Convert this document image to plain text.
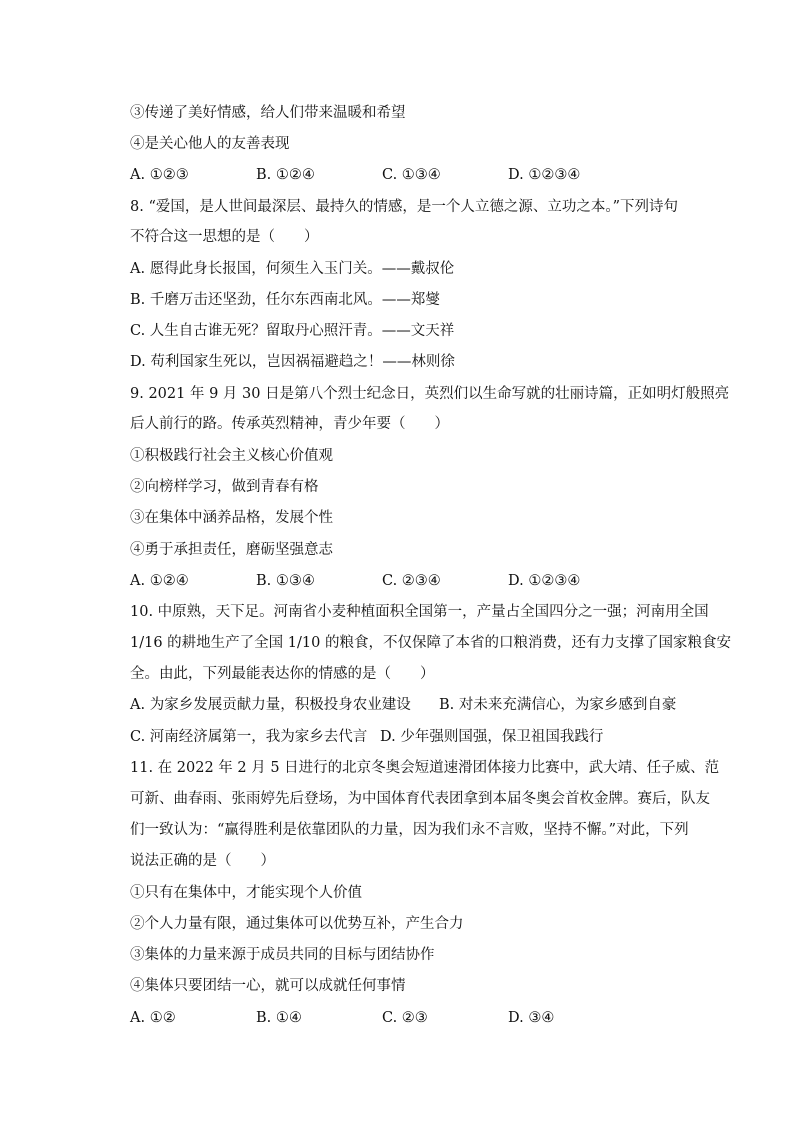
③传递了美好情感，给人们带来温暖和希望
④是关心他人的友善表现
A. ①②③	B. ①②④	C. ①③④	D. ①②③④
8. “爱国，是人世间最深层、最持久的情感，是一个人立德之源、立功之本。”下列诗句
不符合这一思想的是（　　）
A. 愿得此身长报国，何须生入玉门关。——戴叔伦
B. 千磨万击还坚劲，任尔东西南北风。——郑燮
C. 人生自古谁无死？留取丹心照汗青。——文天祥
D. 苟利国家生死以，岂因祸福避趋之！——林则徐
9. 2021 年 9 月 30 日是第八个烈士纪念日，英烈们以生命写就的壮丽诗篇，正如明灯般照亮
后人前行的路。传承英烈精神，青少年要（　　）
①积极践行社会主义核心价值观
②向榜样学习，做到青春有格
③在集体中涵养品格，发展个性
④勇于承担责任，磨砺坚强意志
A. ①②④	B. ①③④	C. ②③④	D. ①②③④
10. 中原熟，天下足。河南省小麦种植面积全国第一，产量占全国四分之一强；河南用全国
1/16 的耕地生产了全国 1/10 的粮食，不仅保障了本省的口粮消费，还有力支撑了国家粮食安
全。由此，下列最能表达你的情感的是（　　）
A. 为家乡发展贡献力量，积极投身农业建设 B. 对未来充满信心，为家乡感到自豪
C. 河南经济属第一，我为家乡去代言 D. 少年强则国强，保卫祖国我践行
11. 在 2022 年 2 月 5 日进行的北京冬奥会短道速滑团体接力比赛中，武大靖、任子威、范
可新、曲春雨、张雨婷先后登场，为中国体育代表团拿到本届冬奥会首枚金牌。赛后，队友
们一致认为：“赢得胜利是依靠团队的力量，因为我们永不言败，坚持不懈。”对此，下列
说法正确的是（　　）
①只有在集体中，才能实现个人价值
②个人力量有限，通过集体可以优势互补，产生合力
③集体的力量来源于成员共同的目标与团结协作
④集体只要团结一心，就可以成就任何事情
A. ①②	B. ①④	C. ②③	D. ③④
